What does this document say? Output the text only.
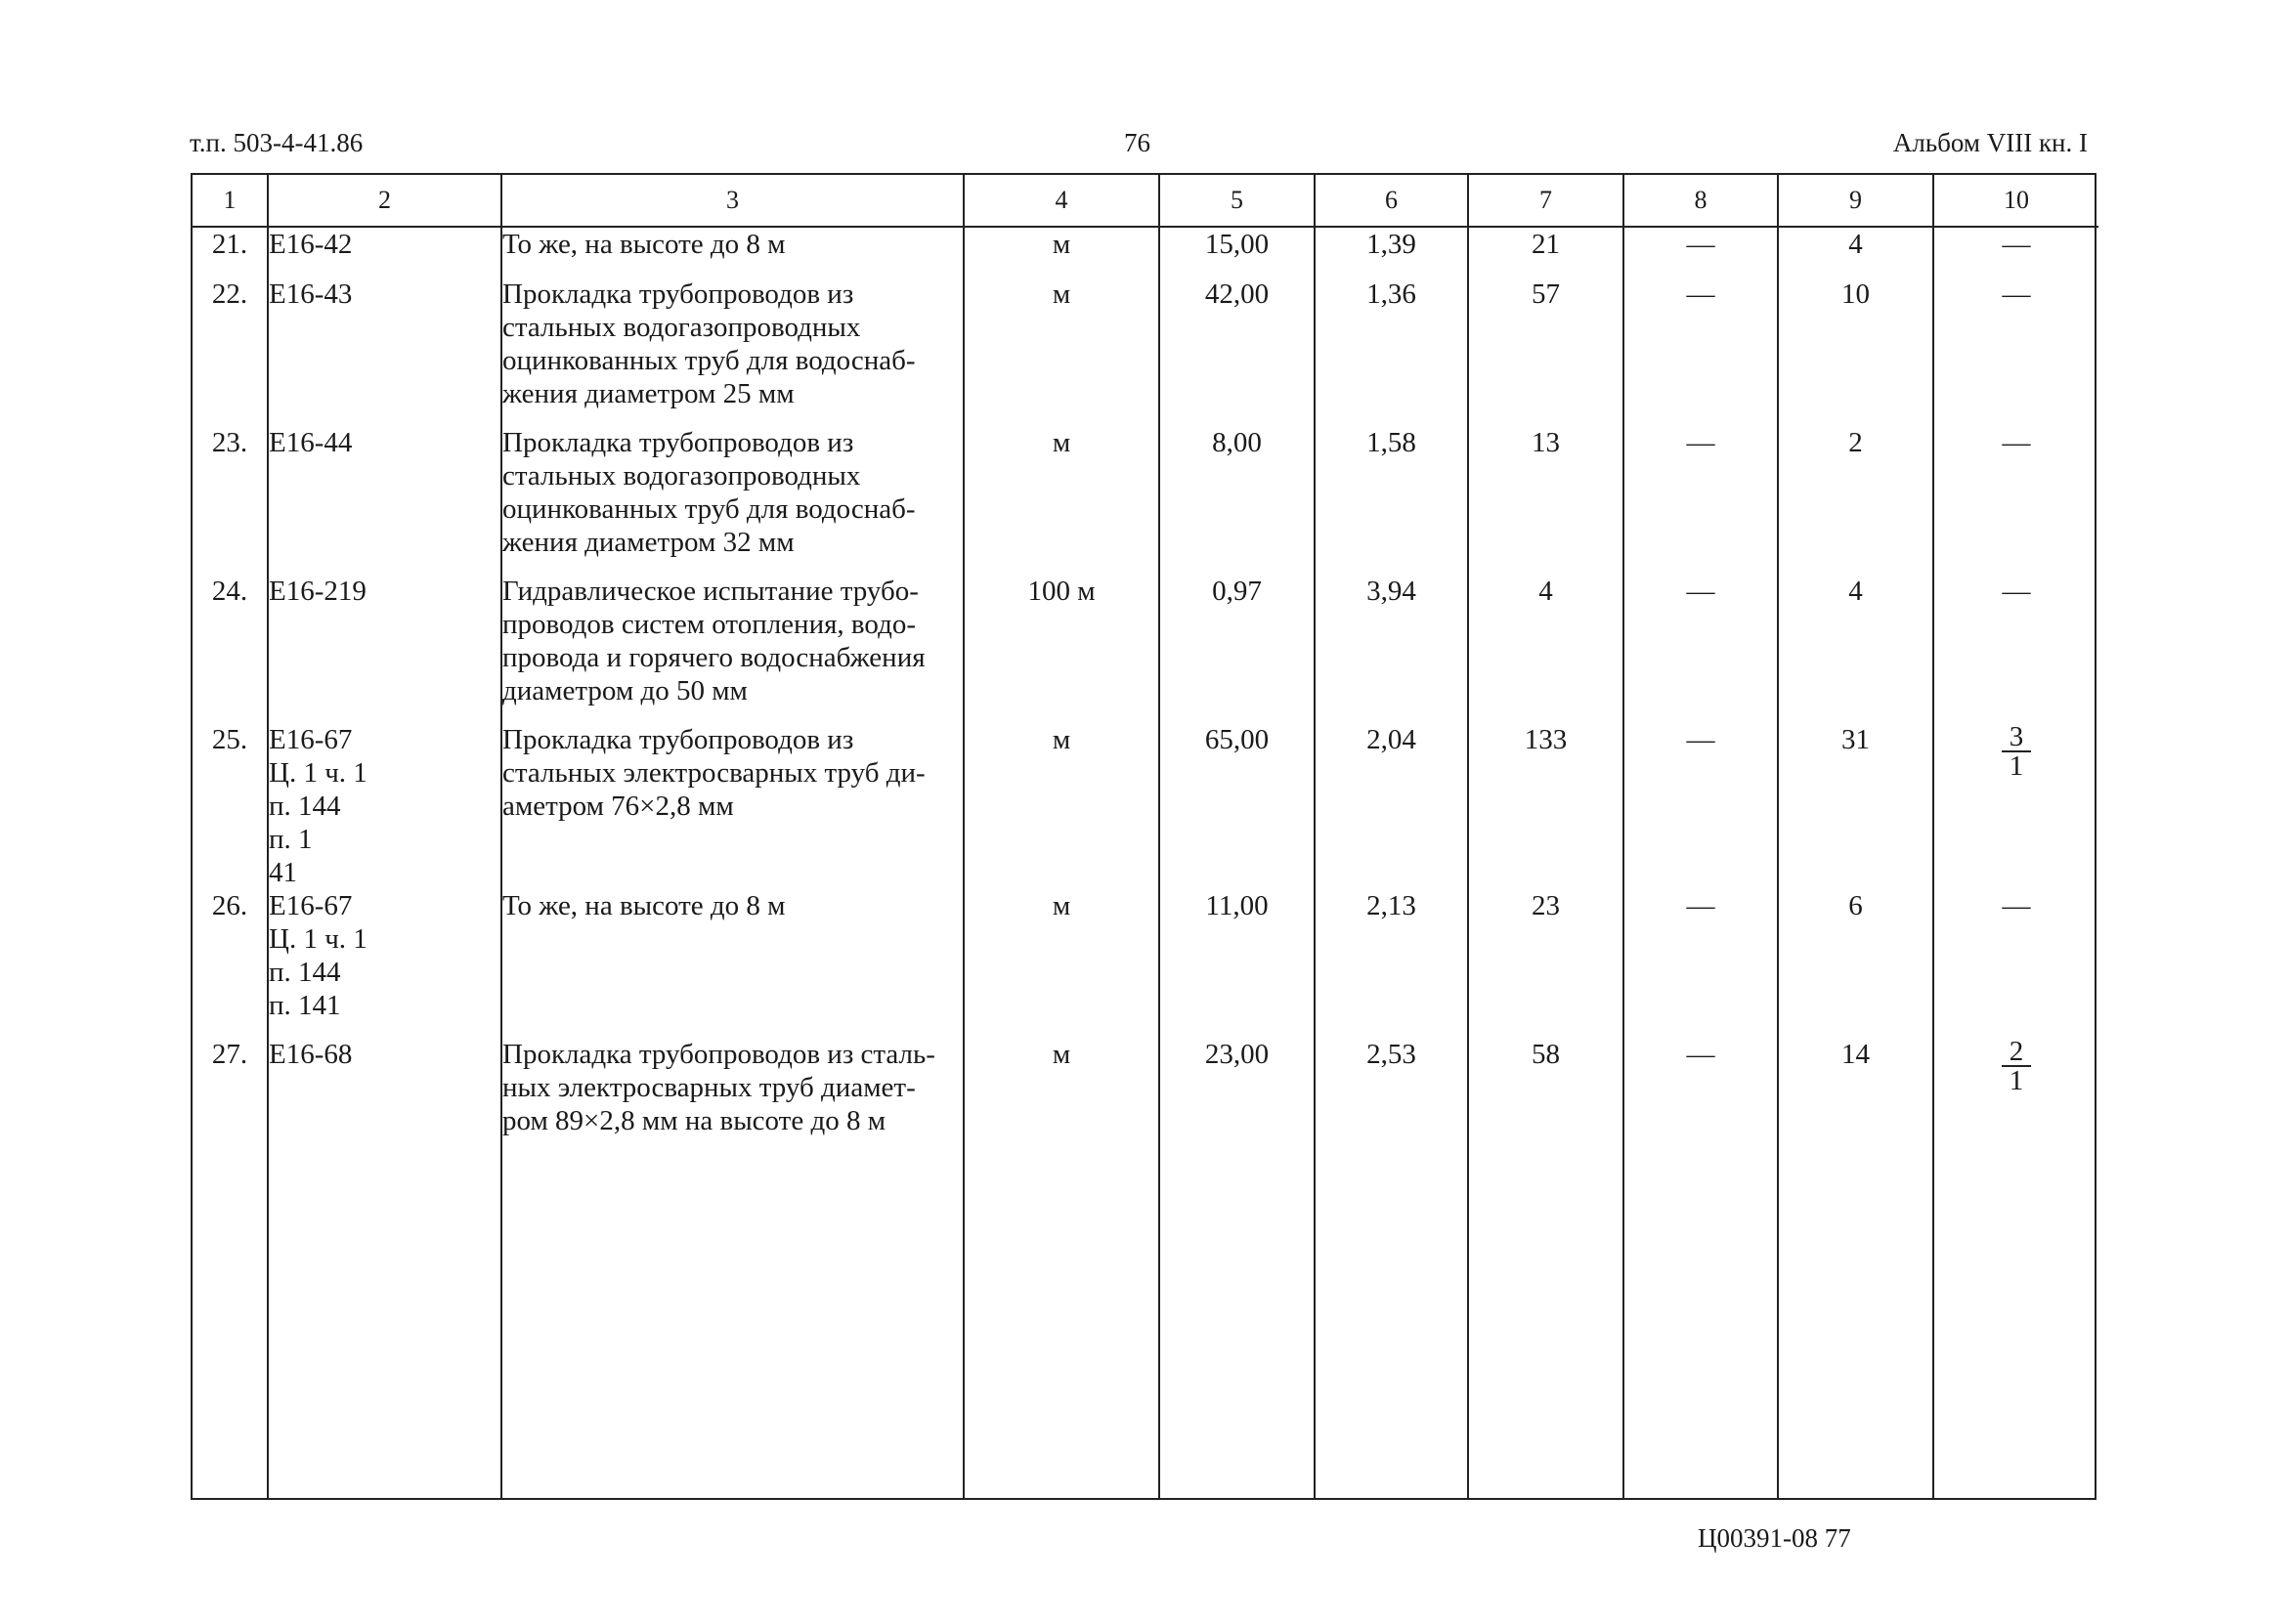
т.п. 503-4-41.86	76	Альбом VIII кн. I
1	2	3	4	5	6	7	8	9	10
21.	Е16-42	То же, на высоте до 8 м	м	15,00	1,39	21	—	4	—
22.	Е16-43	Прокладка трубопроводов из
стальных водогазопроводных
оцинкованных труб для водоснаб-
жения диаметром 25 мм	м	42,00	1,36	57	—	10	—
23.	Е16-44	Прокладка трубопроводов из
стальных водогазопроводных
оцинкованных труб для водоснаб-
жения диаметром 32 мм	м	8,00	1,58	13	—	2	—
24.	Е16-219	Гидравлическое испытание трубо-
проводов систем отопления, водо-
провода и горячего водоснабжения
диаметром до 50 мм	100 м	0,97	3,94	4	—	4	—
25.	Е16-67
Ц. 1 ч. 1
п. 144
п. 1
41	Прокладка трубопроводов из
стальных электросварных труб ди-
аметром 76×2,8 мм	м	65,00	2,04	133	—	31	$\frac{3}{1}$

26.	Е16-67
Ц. 1 ч. 1
п. 144
п. 141	То же, на высоте до 8 м	м	11,00	2,13	23	—	6	—
27.	Е16-68	Прокладка трубопроводов из сталь-
ных электросварных труб диамет-
ром 89×2,8 мм на высоте до 8 м	м	23,00	2,53	58	—	14	$\frac{2}{1}$

Ц00391-08 77
